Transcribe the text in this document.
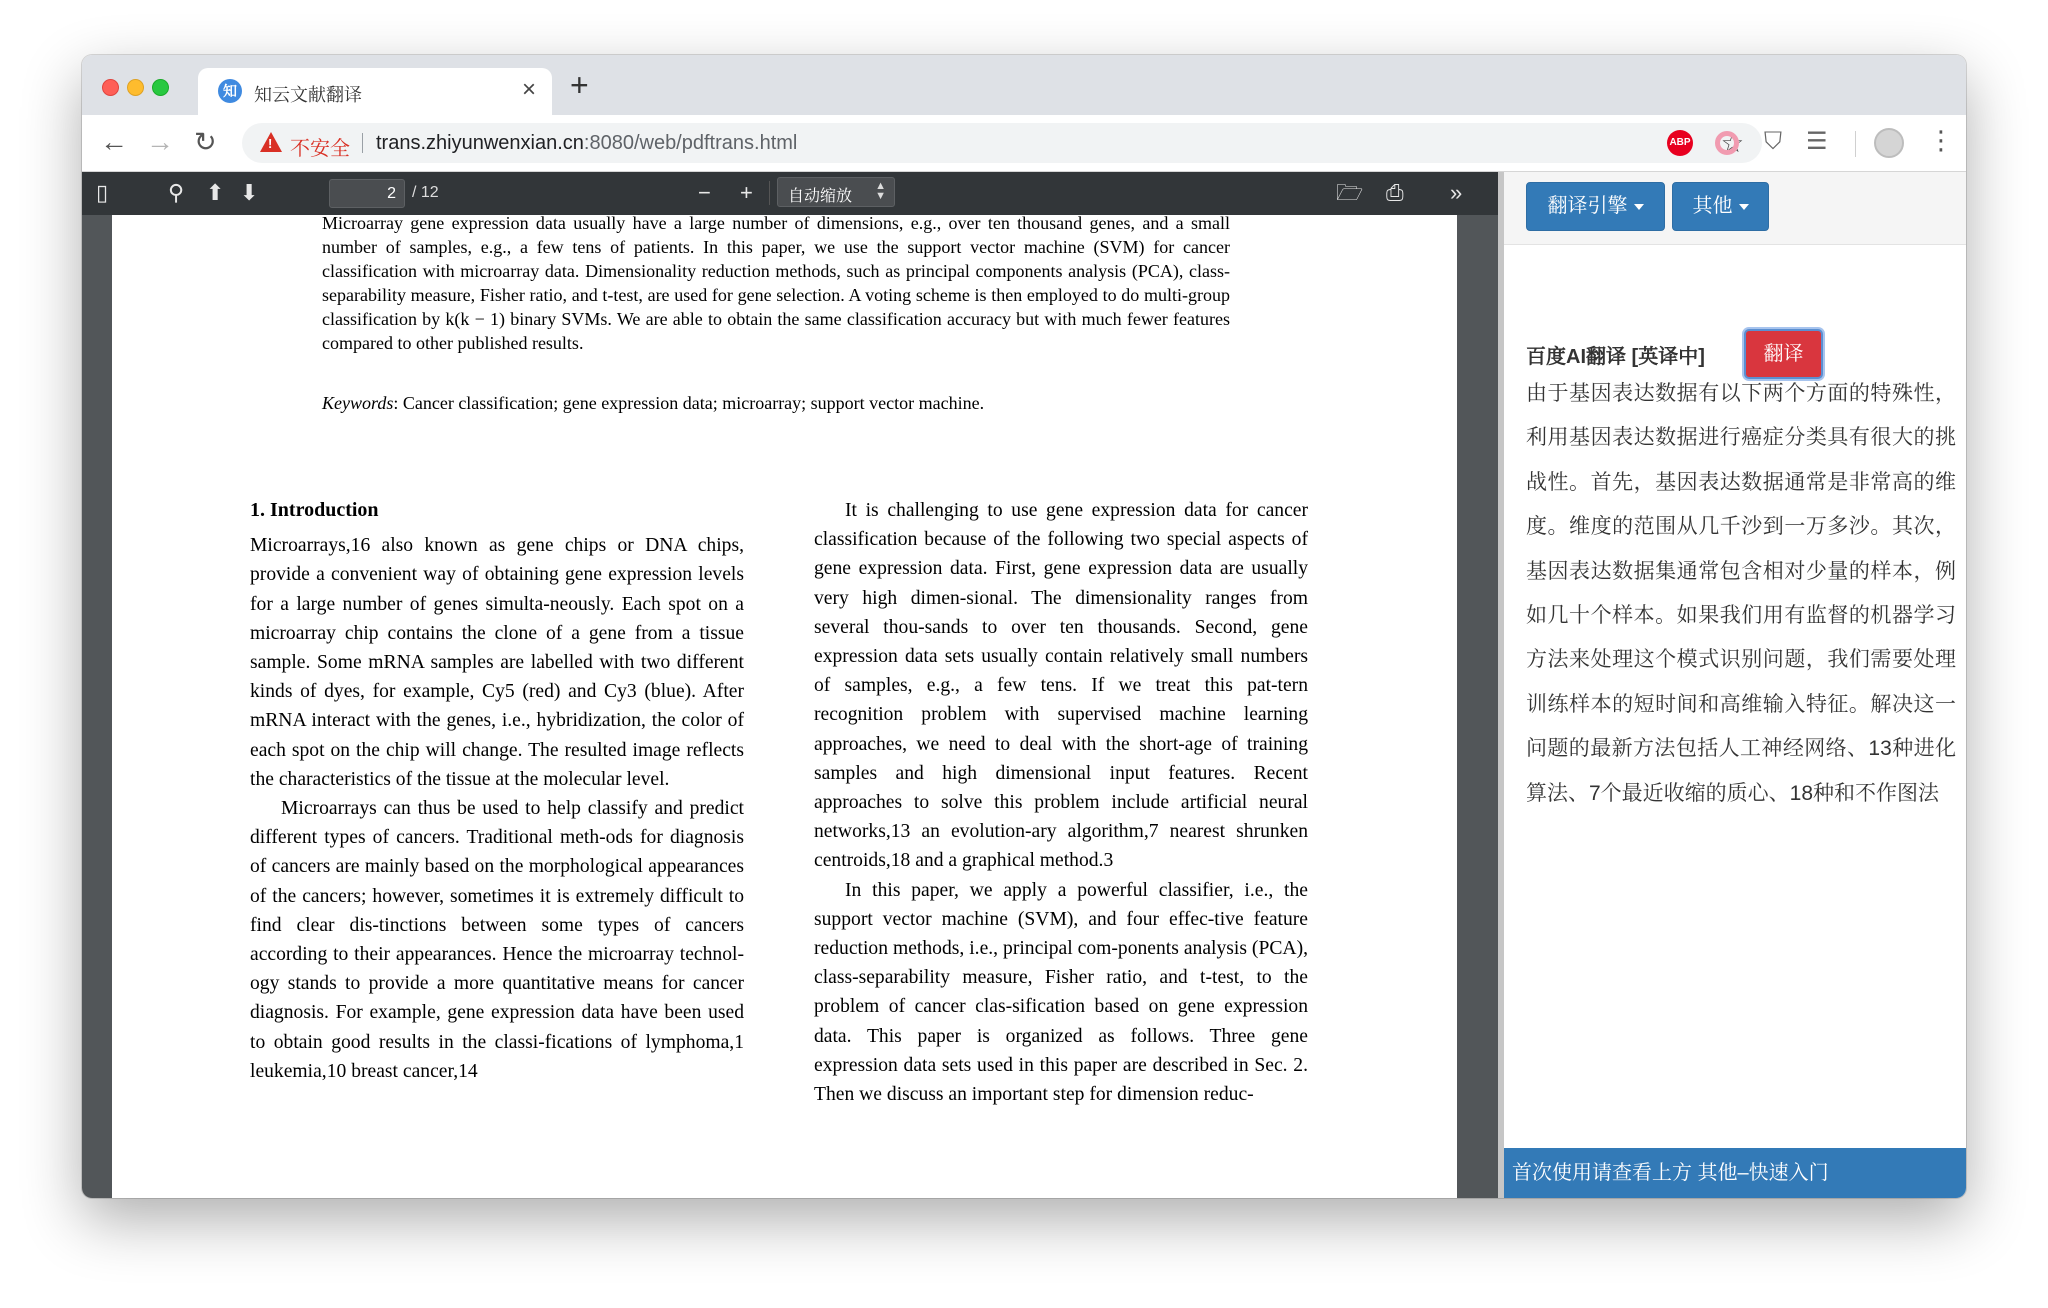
知 知云文献翻译	× +
← → ↻
!	不安全 trans.zhiyunwenxian.cn:8080/web/pdftrans.html	☆
ABP	⛉ ☰	⋮
▯	⚲ ⬆ ⬇	2	/ 12	− +	自动缩放
▲
▼	🗁 ⎙ »
Microarray gene expression data usually have a large number of dimensions, e.g., over ten thousand genes, and a small number of samples, e.g., a few tens of patients. In this paper, we use the support vector machine (SVM) for cancer classification with microarray data. Dimensionality reduction methods, such as principal components analysis (PCA), class-separability measure, Fisher ratio, and t-test, are used for gene selection. A voting scheme is then employed to do multi-group classification by k(k − 1) binary SVMs. We are able to obtain the same classification accuracy but with much fewer features compared to other published results.
Keywords: Cancer classification; gene expression data; microarray; support vector machine.
1. Introduction

Microarrays,16 also known as gene chips or DNA chips, provide a convenient way of obtaining gene expression levels for a large number of genes simulta-neously. Each spot on a microarray chip contains the clone of a gene from a tissue sample. Some mRNA samples are labelled with two different kinds of dyes, for example, Cy5 (red) and Cy3 (blue). After mRNA interact with the genes, i.e., hybridization, the color of each spot on the chip will change. The resulted image reflects the characteristics of the tissue at the molecular level.

Microarrays can thus be used to help classify and predict different types of cancers. Traditional meth-ods for diagnosis of cancers are mainly based on the morphological appearances of the cancers; however, sometimes it is extremely difficult to find clear dis-tinctions between some types of cancers according to their appearances. Hence the microarray technol-ogy stands to provide a more quantitative means for cancer diagnosis. For example, gene expression data have been used to obtain good results in the classi-fications of lymphoma,1 leukemia,10 breast cancer,14

It is challenging to use gene expression data for cancer classification because of the following two special aspects of gene expression data. First, gene expression data are usually very high dimen-sional. The dimensionality ranges from several thou-sands to over ten thousands. Second, gene expression data sets usually contain relatively small numbers of samples, e.g., a few tens. If we treat this pat-tern recognition problem with supervised machine learning approaches, we need to deal with the short-age of training samples and high dimensional input features. Recent approaches to solve this problem include artificial neural networks,13 an evolution-ary algorithm,7 nearest shrunken centroids,18 and a graphical method.3

In this paper, we apply a powerful classifier, i.e., the support vector machine (SVM), and four effec-tive feature reduction methods, i.e., principal com-ponents analysis (PCA), class-separability measure, Fisher ratio, and t-test, to the problem of cancer clas-sification based on gene expression data. This paper is organized as follows. Three gene expression data sets used in this paper are described in Sec. 2. Then we discuss an important step for dimension reduc-

翻译引擎	其他
百度AI翻译 [英译中]	翻译
由于基因表达数据有以下两个方面的特殊性，利用基因表达数据进行癌症分类具有很大的挑战性。首先，基因表达数据通常是非常高的维度。维度的范围从几千沙到一万多沙。其次，基因表达数据集通常包含相对少量的样本，例如几十个样本。如果我们用有监督的机器学习方法来处理这个模式识别问题，我们需要处理训练样本的短时间和高维输入特征。解决这一问题的最新方法包括人工神经网络、13种进化算法、7个最近收缩的质心、18种和不作图法
首次使用请查看上方 其他–快速入门
